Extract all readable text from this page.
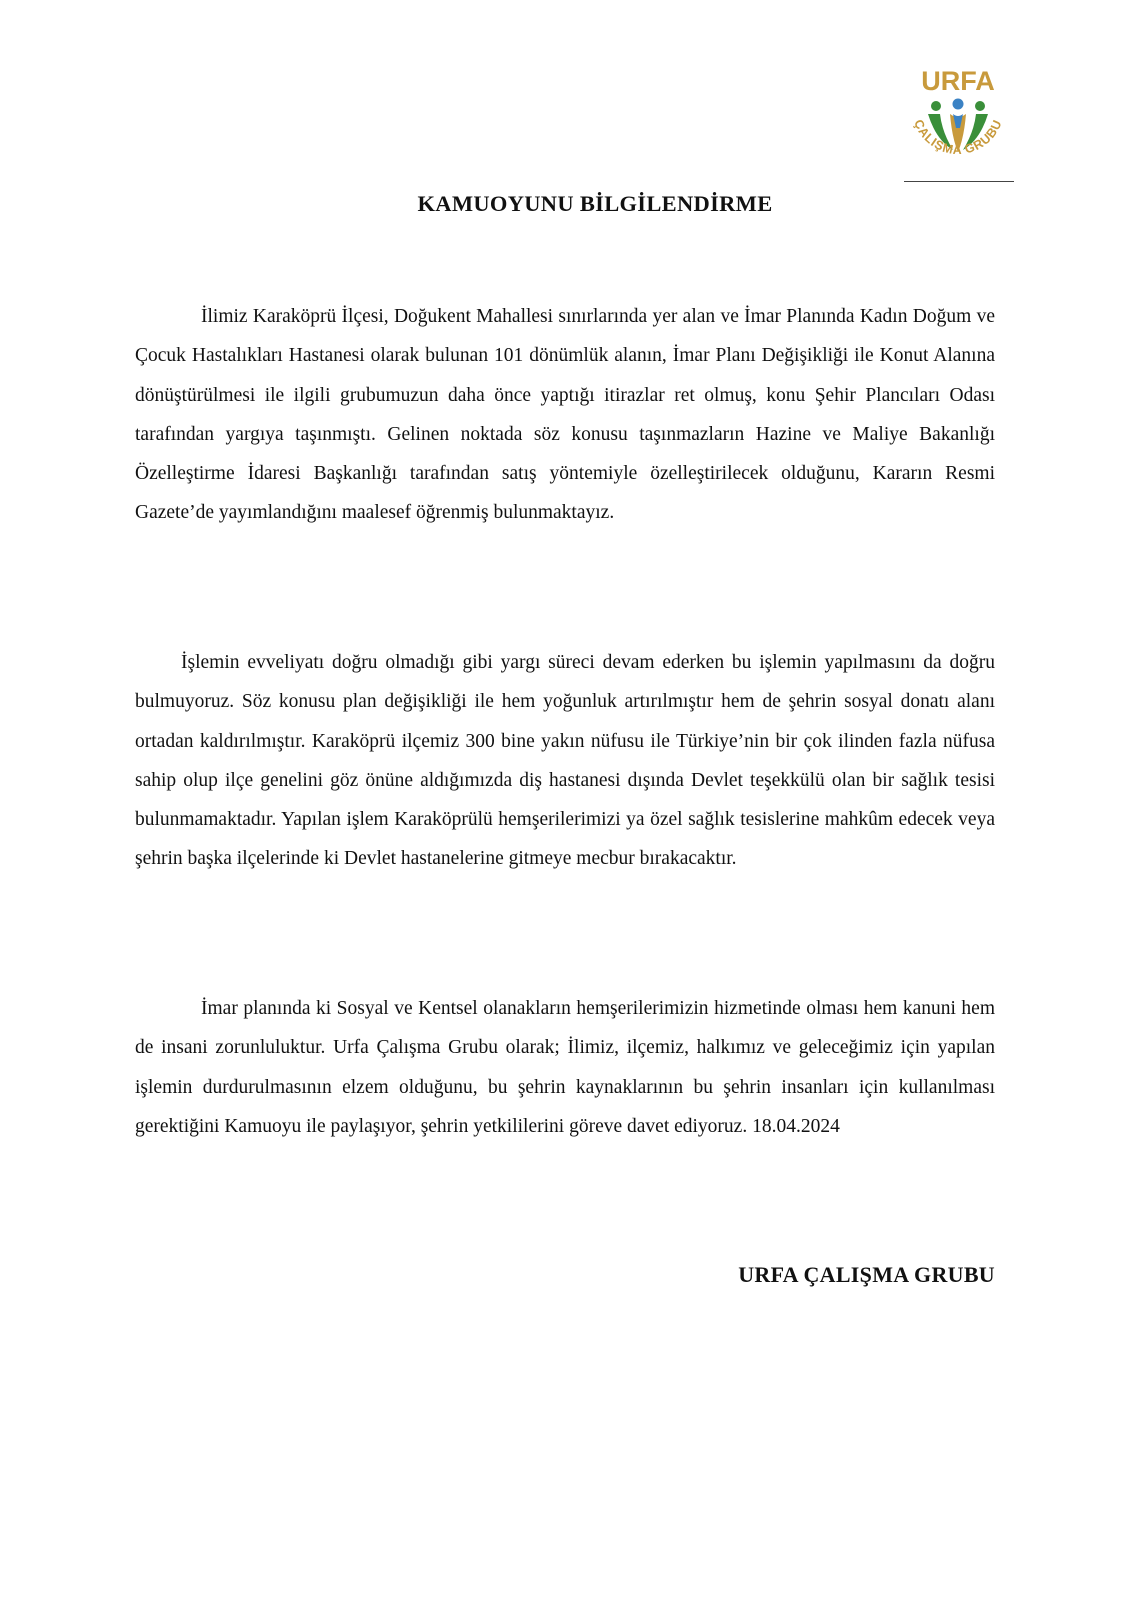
URFA
ÇALIŞMA GRUBU
KAMUOYUNU BİLGİLENDİRME

İlimiz Karaköprü İlçesi, Doğukent Mahallesi sınırlarında yer alan ve İmar Planında Kadın Doğum ve Çocuk Hastalıkları Hastanesi olarak bulunan 101 dönümlük alanın, İmar Planı Değişikliği ile Konut Alanına dönüştürülmesi ile ilgili grubumuzun daha önce yaptığı itirazlar ret olmuş, konu Şehir Plancıları Odası tarafından yargıya taşınmıştı. Gelinen noktada söz konusu taşınmazların Hazine ve Maliye Bakanlığı Özelleştirme İdaresi Başkanlığı tarafından satış yöntemiyle özelleştirilecek olduğunu, Kararın Resmi Gazete’de yayımlandığını maalesef öğrenmiş bulunmaktayız.

İşlemin evveliyatı doğru olmadığı gibi yargı süreci devam ederken bu işlemin yapılmasını da doğru bulmuyoruz. Söz konusu plan değişikliği ile hem yoğunluk artırılmıştır hem de şehrin sosyal donatı alanı ortadan kaldırılmıştır. Karaköprü ilçemiz 300 bine yakın nüfusu ile Türkiye’nin bir çok ilinden fazla nüfusa sahip olup ilçe genelini göz önüne aldığımızda diş hastanesi dışında Devlet teşekkülü olan bir sağlık tesisi bulunmamaktadır. Yapılan işlem Karaköprülü hemşerilerimizi ya özel sağlık tesislerine mahkûm edecek veya şehrin başka ilçelerinde ki Devlet hastanelerine gitmeye mecbur bırakacaktır.

İmar planında ki Sosyal ve Kentsel olanakların hemşerilerimizin hizmetinde olması hem kanuni hem de insani zorunluluktur. Urfa Çalışma Grubu olarak; İlimiz, ilçemiz, halkımız ve geleceğimiz için yapılan işlemin durdurulmasının elzem olduğunu, bu şehrin kaynaklarının bu şehrin insanları için kullanılması gerektiğini Kamuoyu ile paylaşıyor, şehrin yetkililerini göreve davet ediyoruz. 18.04.2024

URFA ÇALIŞMA GRUBU
